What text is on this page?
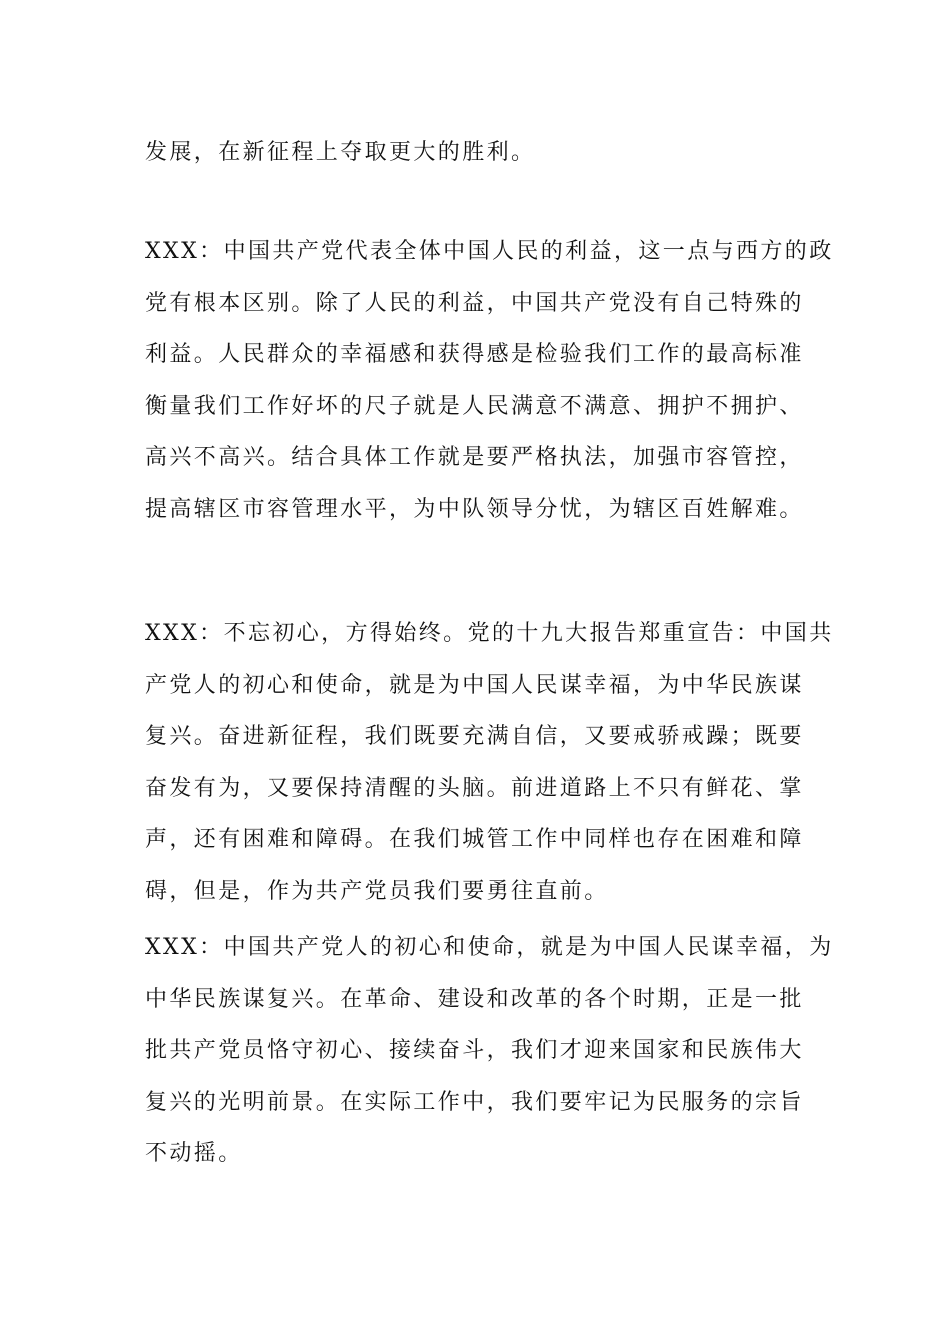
发展，在新征程上夺取更大的胜利。

XXX：中国共产党代表全体中国人民的利益，这一点与西方的政
党有根本区别。除了人民的利益，中国共产党没有自己特殊的
利益。人民群众的幸福感和获得感是检验我们工作的最高标准
衡量我们工作好坏的尺子就是人民满意不满意、拥护不拥护、
高兴不高兴。结合具体工作就是要严格执法，加强市容管控，
提高辖区市容管理水平，为中队领导分忧，为辖区百姓解难。

XXX：不忘初心，方得始终。党的十九大报告郑重宣告：中国共
产党人的初心和使命，就是为中国人民谋幸福，为中华民族谋
复兴。奋进新征程，我们既要充满自信，又要戒骄戒躁；既要
奋发有为，又要保持清醒的头脑。前进道路上不只有鲜花、掌
声，还有困难和障碍。在我们城管工作中同样也存在困难和障
碍，但是，作为共产党员我们要勇往直前。

XXX：中国共产党人的初心和使命，就是为中国人民谋幸福，为
中华民族谋复兴。在革命、建设和改革的各个时期，正是一批
批共产党员恪守初心、接续奋斗，我们才迎来国家和民族伟大
复兴的光明前景。在实际工作中，我们要牢记为民服务的宗旨
不动摇。
